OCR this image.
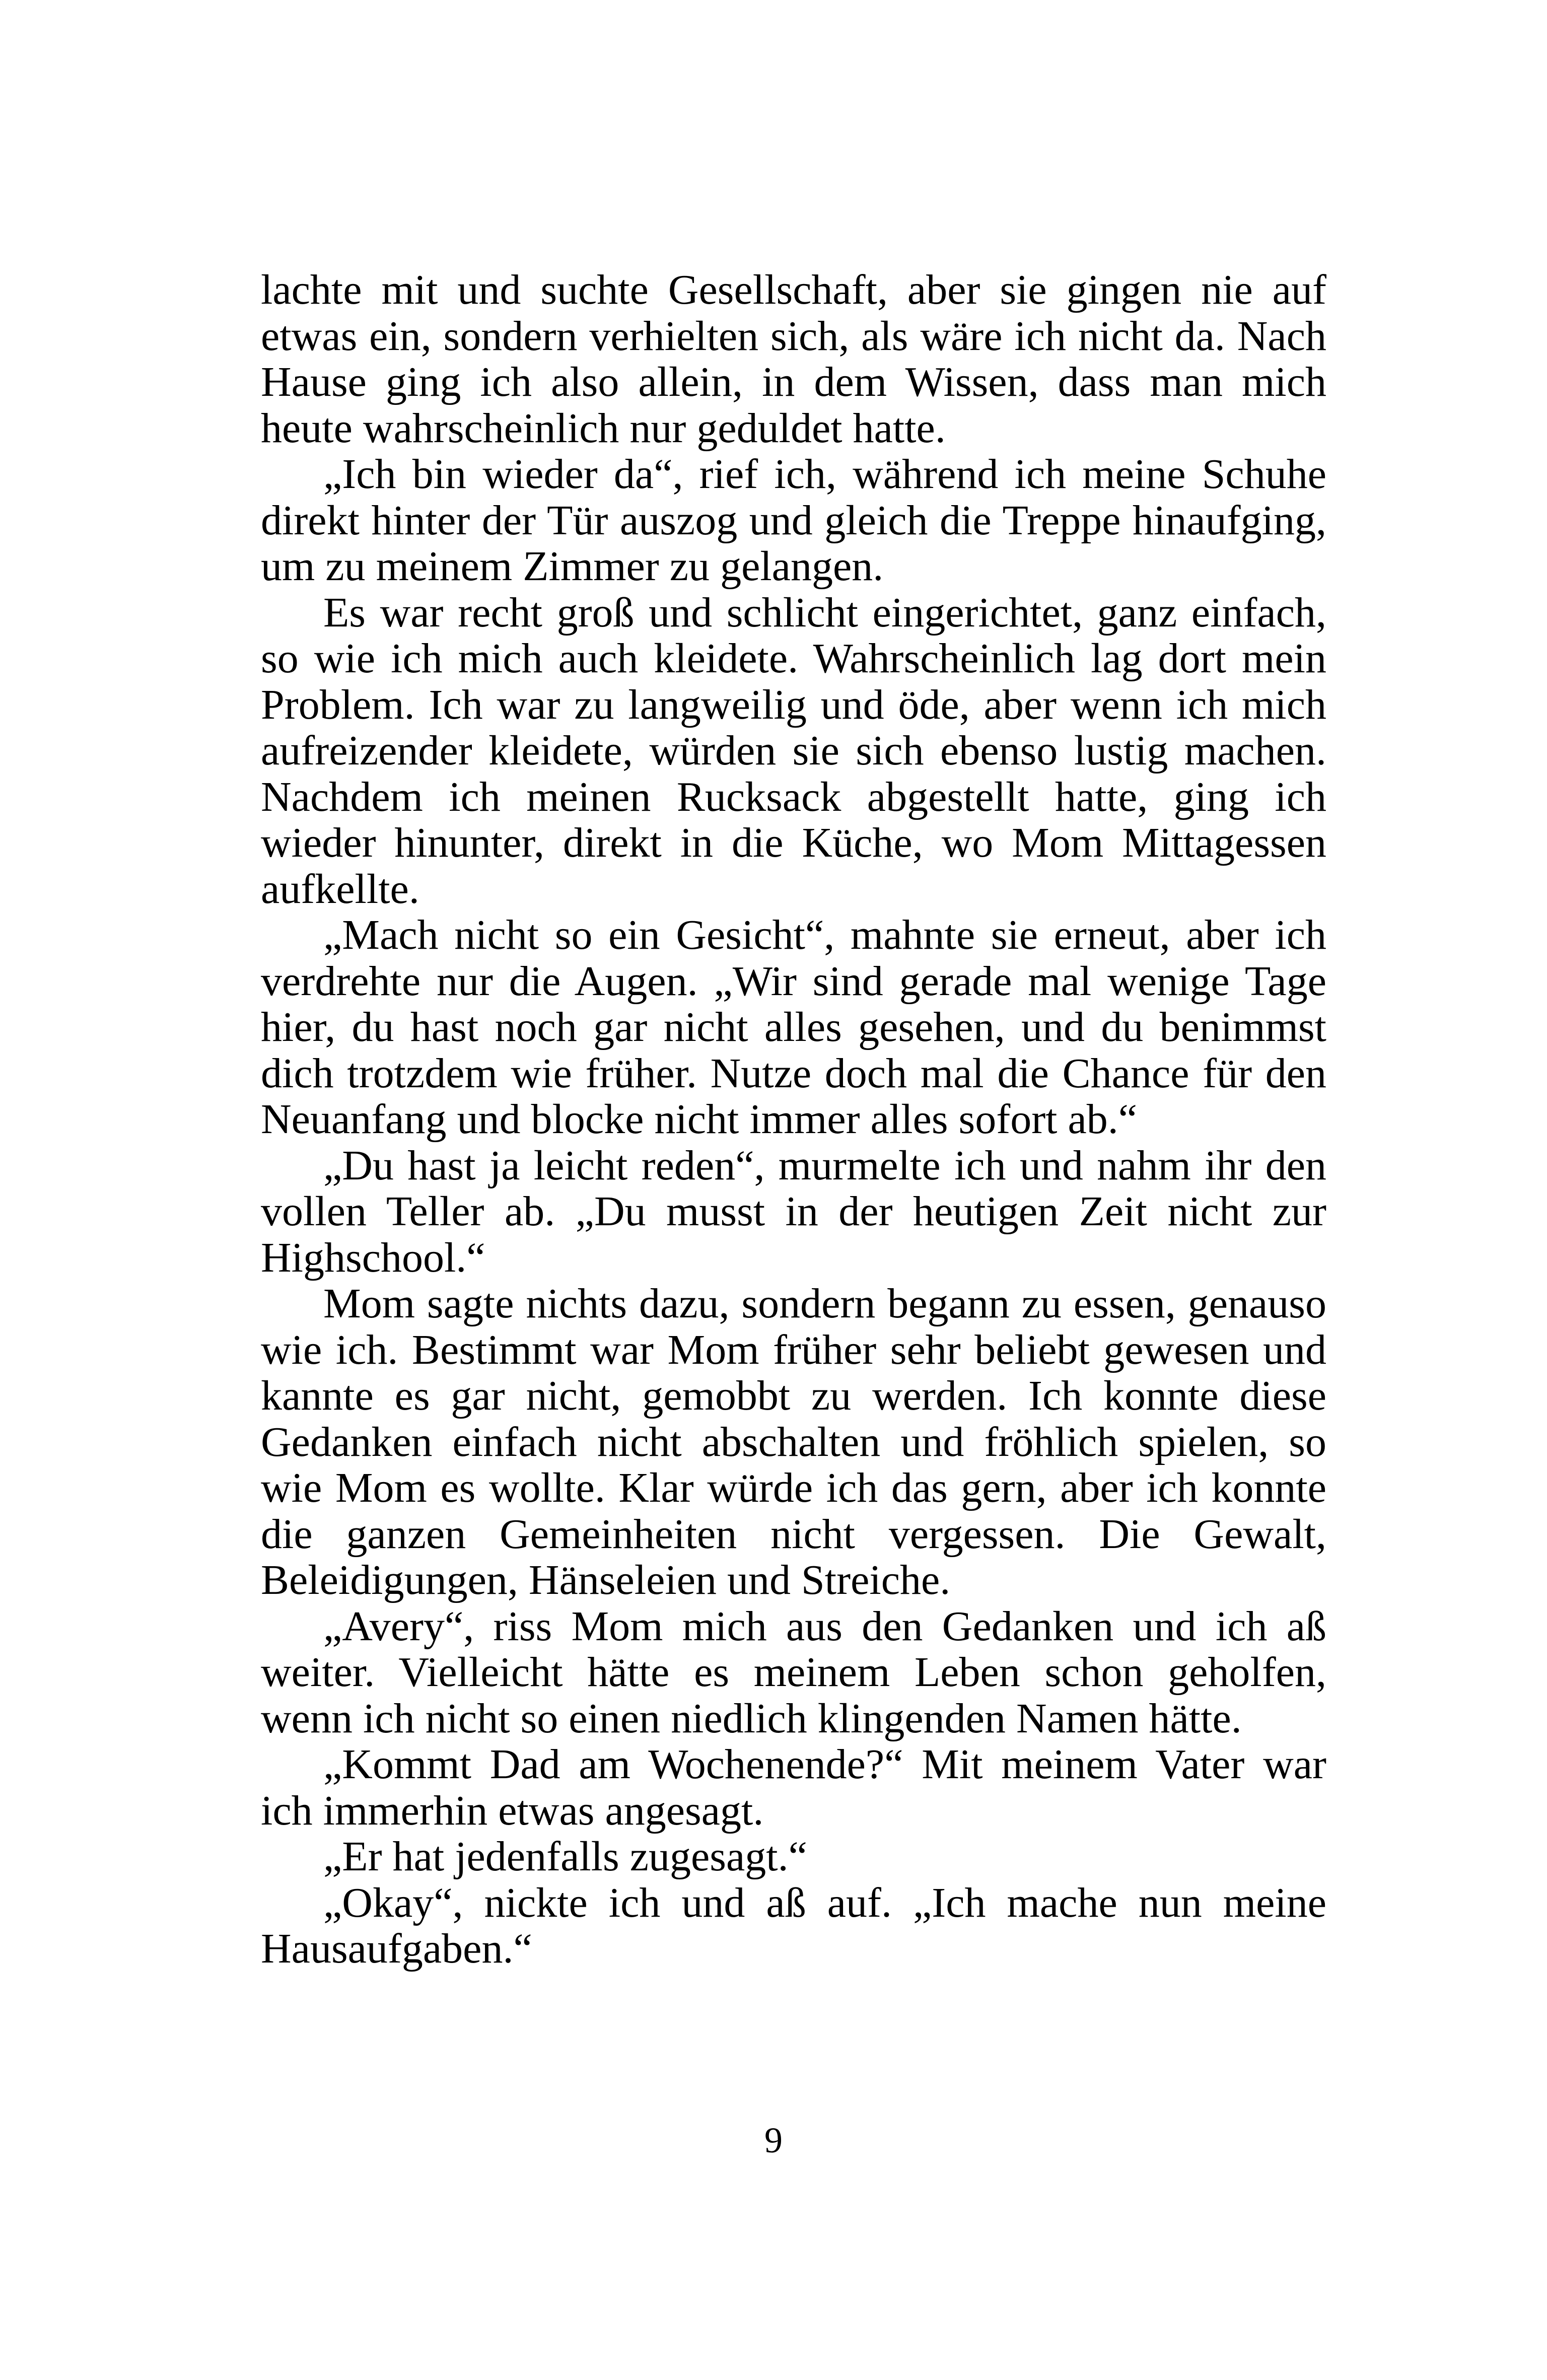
lachte mit und suchte Gesellschaft, aber sie gingen nie auf etwas ein, sondern verhielten sich, als wäre ich nicht da. Nach Hause ging ich also allein, in dem Wissen, dass man mich heute wahrscheinlich nur geduldet hatte.

„Ich bin wieder da“, rief ich, während ich meine Schuhe direkt hinter der Tür auszog und gleich die Treppe hinaufging, um zu meinem Zimmer zu gelangen.

Es war recht groß und schlicht eingerichtet, ganz einfach, so wie ich mich auch kleidete. Wahrscheinlich lag dort mein Problem. Ich war zu langweilig und öde, aber wenn ich mich aufreizender kleidete, würden sie sich ebenso lustig machen. Nachdem ich meinen Rucksack abgestellt hatte, ging ich wieder hinunter, direkt in die Küche, wo Mom Mittagessen aufkellte.

„Mach nicht so ein Gesicht“, mahnte sie erneut, aber ich verdrehte nur die Augen. „Wir sind gerade mal wenige Tage hier, du hast noch gar nicht alles gesehen, und du benimmst dich trotzdem wie früher. Nutze doch mal die Chance für den Neuanfang und blocke nicht immer alles sofort ab.“

„Du hast ja leicht reden“, murmelte ich und nahm ihr den vollen Teller ab. „Du musst in der heutigen Zeit nicht zur Highschool.“

Mom sagte nichts dazu, sondern begann zu essen, genauso wie ich. Bestimmt war Mom früher sehr beliebt gewesen und kannte es gar nicht, gemobbt zu werden. Ich konnte diese Gedanken einfach nicht abschalten und fröhlich spielen, so wie Mom es wollte. Klar würde ich das gern, aber ich konnte die ganzen Gemeinheiten nicht vergessen. Die Gewalt, Beleidigungen, Hänseleien und Streiche.

„Avery“, riss Mom mich aus den Gedanken und ich aß weiter. Vielleicht hätte es meinem Leben schon geholfen, wenn ich nicht so einen niedlich klingenden Namen hätte.

„Kommt Dad am Wochenende?“ Mit meinem Vater war ich immerhin etwas angesagt.

„Er hat jedenfalls zugesagt.“

„Okay“, nickte ich und aß auf. „Ich mache nun meine Hausaufgaben.“

9
